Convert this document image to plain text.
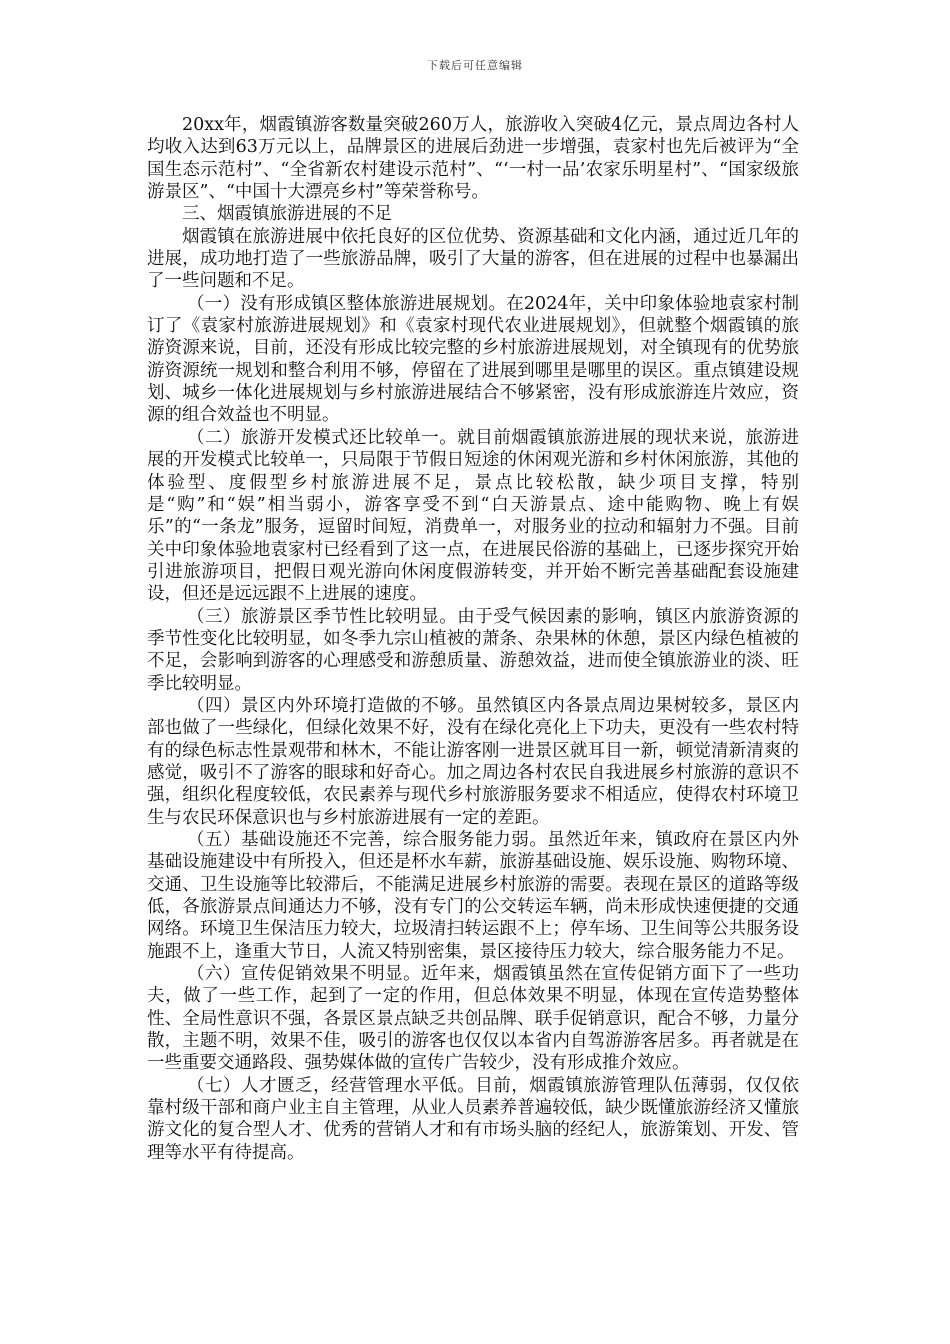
下载后可任意编辑

20xx年，烟霞镇游客数量突破260万人，旅游收入突破4亿元，景点周边各村人均收入达到63万元以上，品牌景区的进展后劲进一步增强，袁家村也先后被评为“全国生态示范村”、“全省新农村建设示范村”、“‘一村一品’农家乐明星村”、“国家级旅游景区”、“中国十大漂亮乡村”等荣誉称号。

三、烟霞镇旅游进展的不足

烟霞镇在旅游进展中依托良好的区位优势、资源基础和文化内涵，通过近几年的进展，成功地打造了一些旅游品牌，吸引了大量的游客，但在进展的过程中也暴漏出了一些问题和不足。

（一）没有形成镇区整体旅游进展规划。在2024年，关中印象体验地袁家村制订了《袁家村旅游进展规划》和《袁家村现代农业进展规划》，但就整个烟霞镇的旅游资源来说，目前，还没有形成比较完整的乡村旅游进展规划，对全镇现有的优势旅游资源统一规划和整合利用不够，停留在了进展到哪里是哪里的误区。重点镇建设规划、城乡一体化进展规划与乡村旅游进展结合不够紧密，没有形成旅游连片效应，资源的组合效益也不明显。

（二）旅游开发模式还比较单一。就目前烟霞镇旅游进展的现状来说，旅游进展的开发模式比较单一，只局限于节假日短途的休闲观光游和乡村休闲旅游，其他的体验型、度假型乡村旅游进展不足，景点比较松散，缺少项目支撑，特别是“购”和“娱”相当弱小，游客享受不到“白天游景点、途中能购物、晚上有娱乐”的“一条龙”服务，逗留时间短，消费单一，对服务业的拉动和辐射力不强。目前关中印象体验地袁家村已经看到了这一点，在进展民俗游的基础上，已逐步探究开始引进旅游项目，把假日观光游向休闲度假游转变，并开始不断完善基础配套设施建设，但还是远远跟不上进展的速度。

（三）旅游景区季节性比较明显。由于受气候因素的影响，镇区内旅游资源的季节性变化比较明显，如冬季九宗山植被的萧条、杂果林的休憩，景区内绿色植被的不足，会影响到游客的心理感受和游憩质量、游憩效益，进而使全镇旅游业的淡、旺季比较明显。

（四）景区内外环境打造做的不够。虽然镇区内各景点周边果树较多，景区内部也做了一些绿化，但绿化效果不好，没有在绿化亮化上下功夫，更没有一些农村特有的绿色标志性景观带和林木，不能让游客刚一进景区就耳目一新，顿觉清新清爽的感觉，吸引不了游客的眼球和好奇心。加之周边各村农民自我进展乡村旅游的意识不强，组织化程度较低，农民素养与现代乡村旅游服务要求不相适应，使得农村环境卫生与农民环保意识也与乡村旅游进展有一定的差距。

（五）基础设施还不完善，综合服务能力弱。虽然近年来，镇政府在景区内外基础设施建设中有所投入，但还是杯水车薪，旅游基础设施、娱乐设施、购物环境、交通、卫生设施等比较滞后，不能满足进展乡村旅游的需要。表现在景区的道路等级低，各旅游景点间通达力不够，没有专门的公交转运车辆，尚未形成快速便捷的交通网络。环境卫生保洁压力较大，垃圾清扫转运跟不上；停车场、卫生间等公共服务设施跟不上，逢重大节日，人流又特别密集，景区接待压力较大，综合服务能力不足。

（六）宣传促销效果不明显。近年来，烟霞镇虽然在宣传促销方面下了一些功夫，做了一些工作，起到了一定的作用，但总体效果不明显，体现在宣传造势整体性、全局性意识不强，各景区景点缺乏共创品牌、联手促销意识，配合不够，力量分散，主题不明，效果不佳，吸引的游客也仅仅以本省内自驾游游客居多。再者就是在一些重要交通路段、强势媒体做的宣传广告较少，没有形成推介效应。

（七）人才匮乏，经营管理水平低。目前，烟霞镇旅游管理队伍薄弱，仅仅依靠村级干部和商户业主自主管理，从业人员素养普遍较低，缺少既懂旅游经济又懂旅游文化的复合型人才、优秀的营销人才和有市场头脑的经纪人，旅游策划、开发、管理等水平有待提高。
